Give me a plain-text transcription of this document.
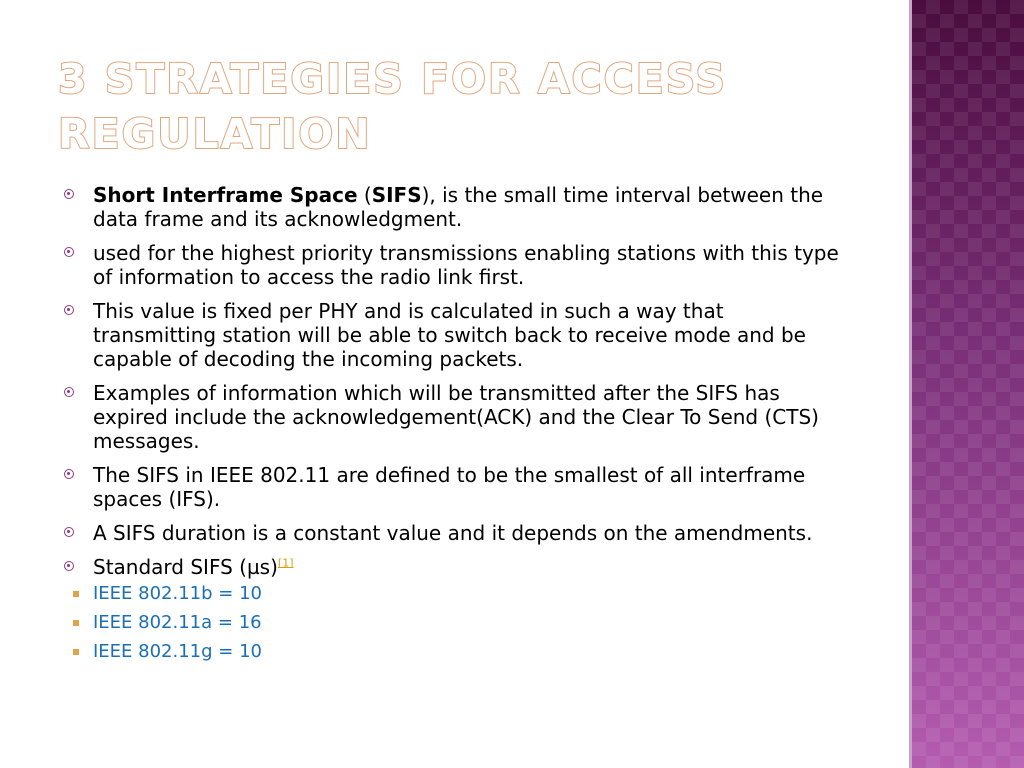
3 STRATEGIES FOR ACCESS REGULATION
Short Interframe Space (SIFS), is the small time interval between the data frame and its acknowledgment.
used for the highest priority transmissions enabling stations with this type of information to access the radio link first.
This value is fixed per PHY and is calculated in such a way that transmitting station will be able to switch back to receive mode and be capable of decoding the incoming packets.
Examples of information which will be transmitted after the SIFS has expired include the acknowledgement(ACK) and the Clear To Send (CTS) messages.
The SIFS in IEEE 802.11 are defined to be the smallest of all interframe spaces (IFS).
A SIFS duration is a constant value and it depends on the amendments.
Standard SIFS (µs)[1]
IEEE 802.11b = 10
IEEE 802.11a = 16
IEEE 802.11g = 10
